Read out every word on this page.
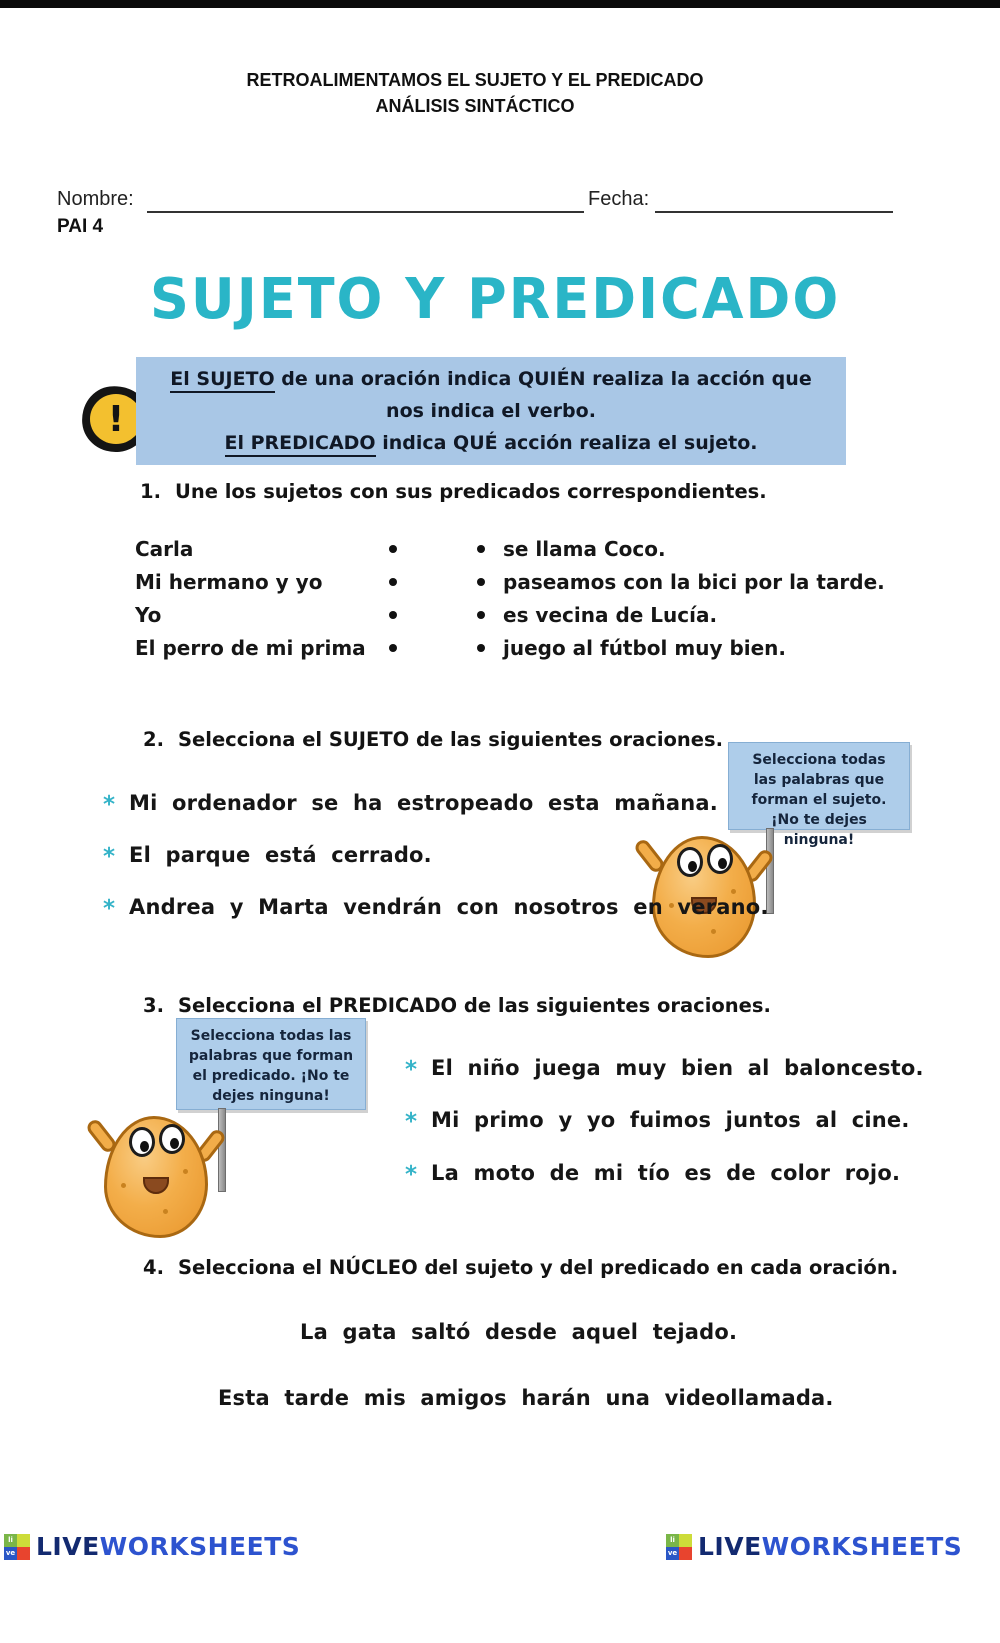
RETROALIMENTAMOS EL SUJETO Y EL PREDICADO
ANÁLISIS SINTÁCTICO
Nombre:	Fecha:
PAI 4
SUJETO Y PREDICADO
!
El SUJETO de una oración indica QUIÉN realiza la acción que nos indica el verbo.
El PREDICADO indica QUÉ acción realiza el sujeto.
1. Une los sujetos con sus predicados correspondientes.
Carla
Mi hermano y yo
Yo
El perro de mi prima
se llama Coco.
paseamos con la bici por la tarde.
es vecina de Lucía.
juego al fútbol muy bien.
2. Selecciona el SUJETO de las siguientes oraciones.
Selecciona todas las palabras que forman el sujeto. ¡No te dejes ninguna!
* Mi ordenador se ha estropeado esta mañana.
* El parque está cerrado.
* Andrea y Marta vendrán con nosotros en verano.
3. Selecciona el PREDICADO de las siguientes oraciones.
Selecciona todas las palabras que forman el predicado. ¡No te dejes ninguna!
* El niño juega muy bien al baloncesto.
* Mi primo y yo fuimos juntos al cine.
* La moto de mi tío es de color rojo.
4. Selecciona el NÚCLEO del sujeto y del predicado en cada oración.
La gata saltó desde aquel tejado.
Esta tarde mis amigos harán una videollamada.
li
ve LIVEWORKSHEETS	li
ve LIVEWORKSHEETS
